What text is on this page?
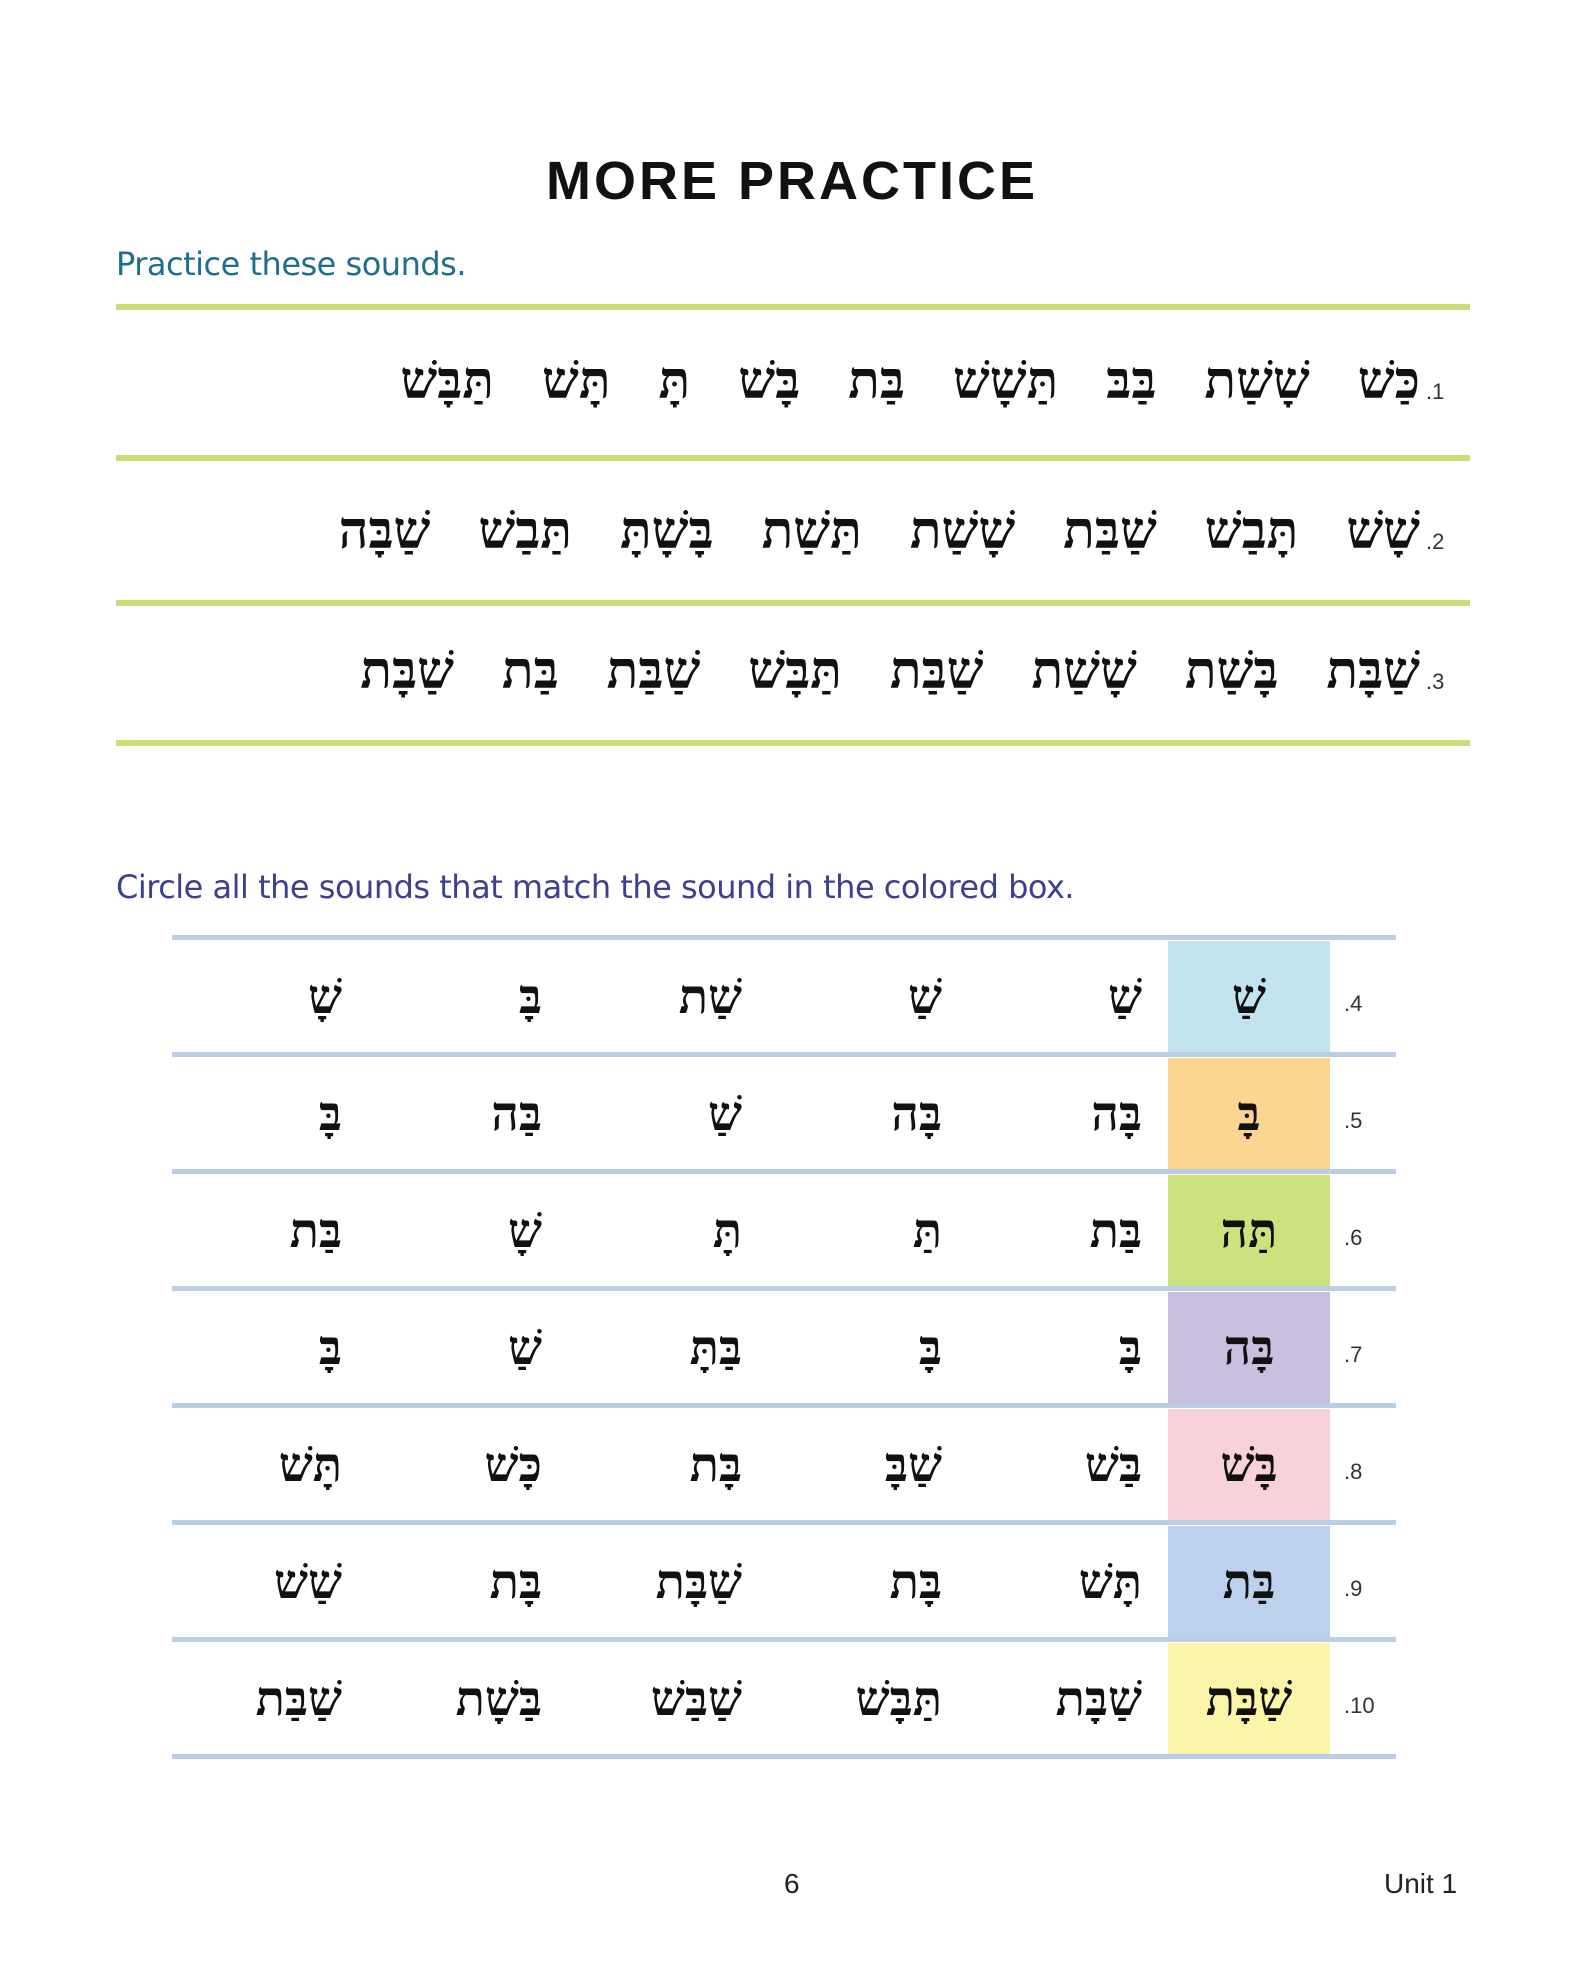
MORE PRACTICE

Practice these sounds.

.1
כַּשׁ
שָׁשַׁת
בַּבּ
תַּשָׁשׁ
בַּת
בָּשׁ
תָּ
תָּשׁ
תַּבָּשׁ
.2
שָׁשׁ
תָּבַשׁ
שַׁבַּת
שָׁשַׁת
תַּשַׁת
בָּשָׁתָּ
תַּבַשׁ
שַׁבָּה
.3
שַׁבָּת
בָּשַׁת
שָׁשַׁת
שַׁבַּת
תַּבָּשׁ
שַׁבַּת
בַּת
שַׁבָּת

Circle all the sounds that match the sound in the colored box.

.4
שַׁ
שָׁ	בָּ	שַׁת	שַׁ	שַׁ
.5
בָּ
בָּ	בַּה	שַׁ	בָּה	בָּה
.6
תַּה
בַּת	שָׁ	תָּ	תַּ	בַּת
.7
בָּה
בָּ	שַׁ	בַּתָּ	בָּ	בָּ
.8
בָּשׁ
תָּשׁ	כָּשׁ	בָּת	שַׁבָּ	בַּשׁ
.9
בַּת
שַׁשׁ	בָּת שַׁבָּת	בָּת	תָּשׁ
.10
שַׁבָּת
שַׁבַּת בַּשָׁת שַׁבַּשׁ תַּבָּשׁ שַׁבָּת

6	Unit 1
